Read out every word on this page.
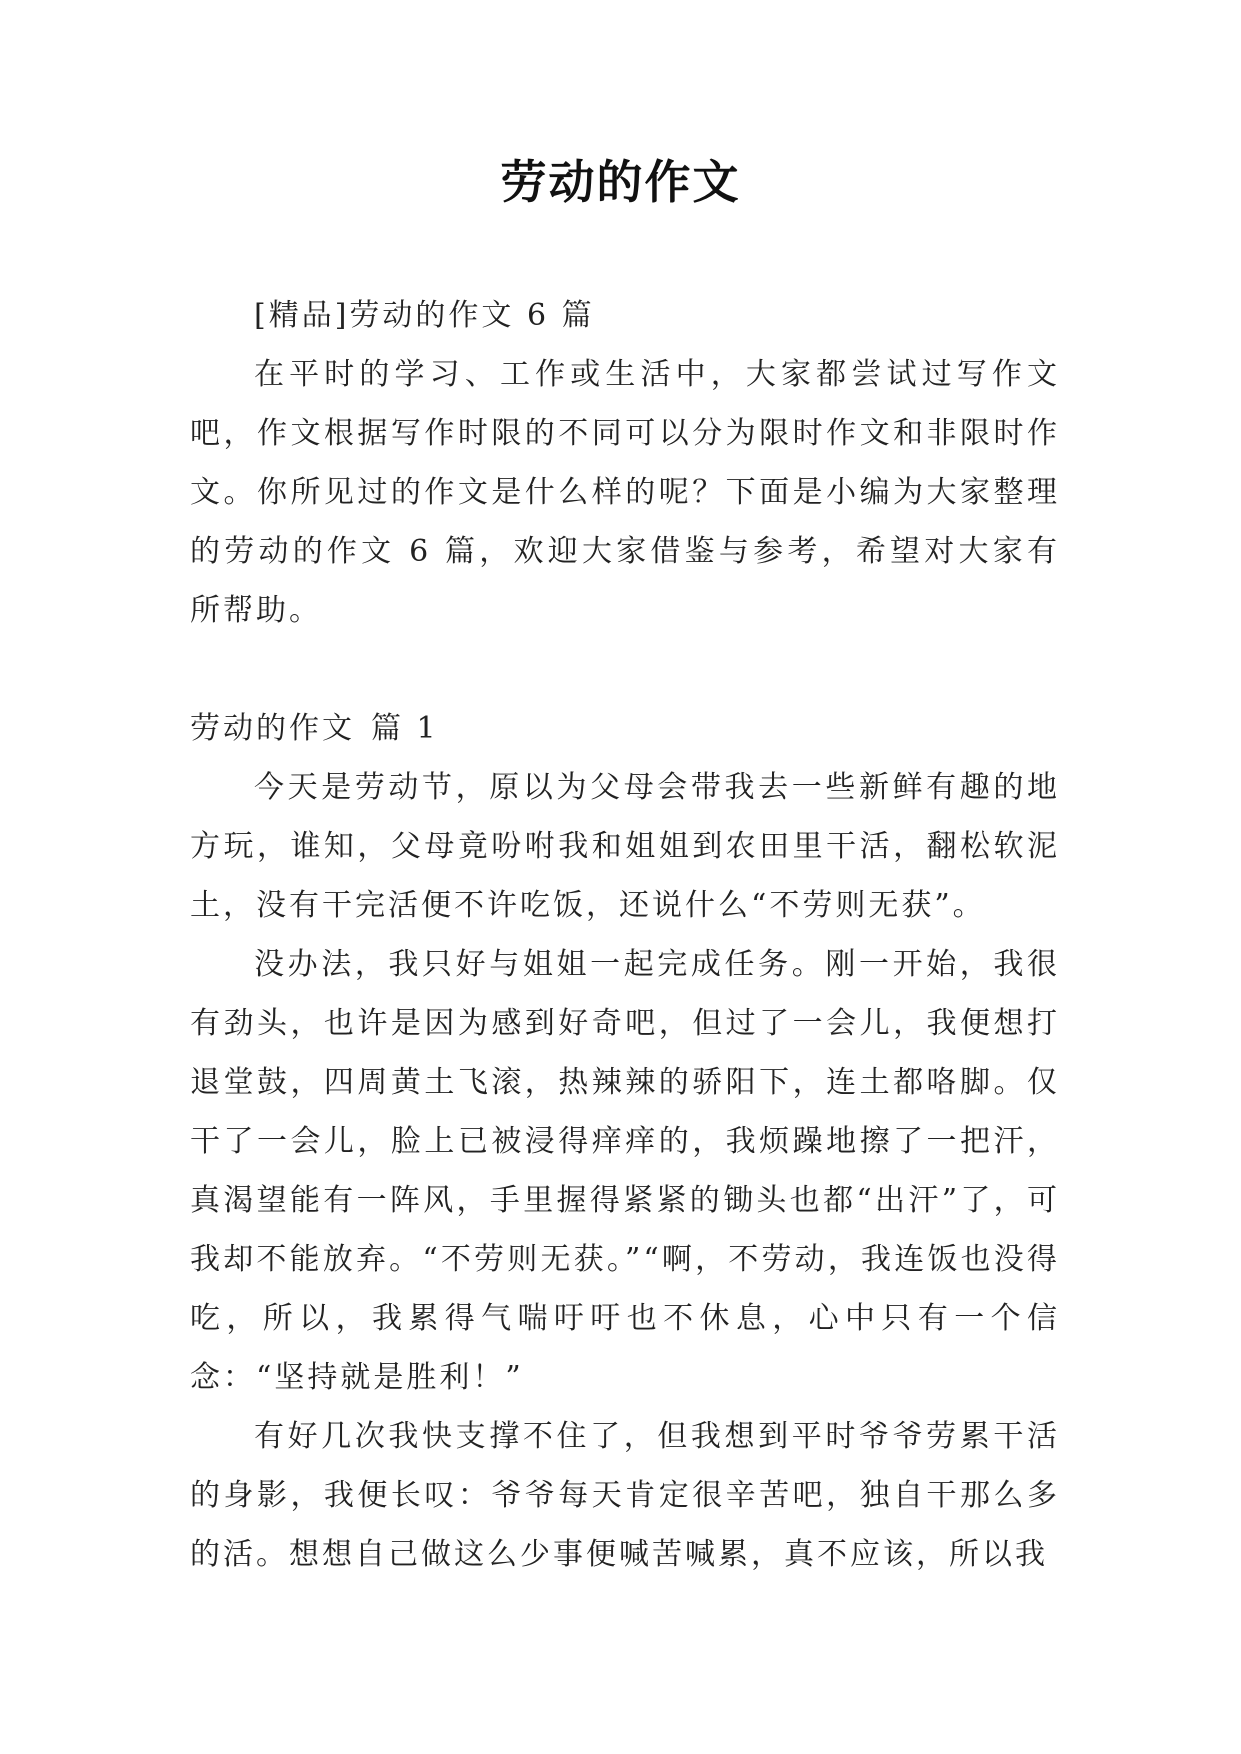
劳动的作文

[精品]劳动的作文 6 篇

在平时的学习、工作或生活中，大家都尝试过写作文吧，作文根据写作时限的不同可以分为限时作文和非限时作文。你所见过的作文是什么样的呢？下面是小编为大家整理的劳动的作文 6 篇，欢迎大家借鉴与参考，希望对大家有所帮助。

劳动的作文 篇 1

今天是劳动节，原以为父母会带我去一些新鲜有趣的地方玩，谁知，父母竟吩咐我和姐姐到农田里干活，翻松软泥土，没有干完活便不许吃饭，还说什么“不劳则无获”。

没办法，我只好与姐姐一起完成任务。刚一开始，我很有劲头，也许是因为感到好奇吧，但过了一会儿，我便想打退堂鼓，四周黄土飞滚，热辣辣的骄阳下，连土都咯脚。仅干了一会儿，脸上已被浸得痒痒的，我烦躁地擦了一把汗，真渴望能有一阵风，手里握得紧紧的锄头也都“出汗”了，可我却不能放弃。“不劳则无获。”“啊，不劳动，我连饭也没得吃，所以，我累得气喘吁吁也不休息，心中只有一个信念：“坚持就是胜利！”

有好几次我快支撑不住了，但我想到平时爷爷劳累干活的身影，我便长叹：爷爷每天肯定很辛苦吧，独自干那么多的活。想想自己做这么少事便喊苦喊累，真不应该，所以我
